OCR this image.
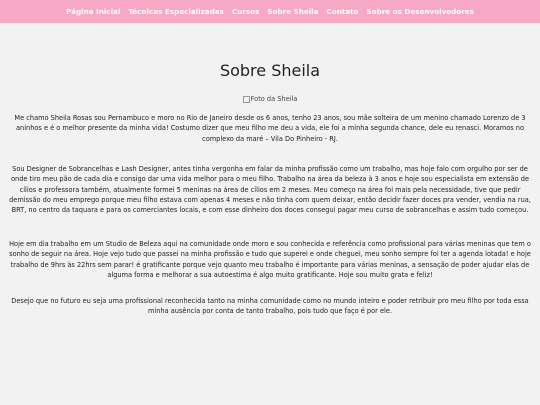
Página Inicial Técnicas Especializadas Cursos Sobre Sheila Contato Sobre os Desenvolvedores
Sobre Sheila
Foto da Sheila

Me chamo Sheila Rosas sou Pernambuco e moro no Rio de Janeiro desde os 6 anos, tenho 23 anos, sou mãe solteira de um menino chamado Lorenzo de 3 aninhos e é o melhor presente da minha vida! Costumo dizer que meu filho me deu a vida, ele foi a minha segunda chance, dele eu renasci. Moramos no complexo da maré – Vila Do Pinheiro - RJ.

Sou Designer de Sobrancelhas e Lash Designer, antes tinha vergonha em falar da minha profissão como um trabalho, mas hoje falo com orgulho por ser de onde tiro meu pão de cada dia e consigo dar uma vida melhor para o meu filho. Trabalho na área da beleza à 3 anos e hoje sou especialista em extensão de cílios e professora também, atualmente formei 5 meninas na área de cílios em 2 meses. Meu começo na área foi mais pela necessidade, tive que pedir demissão do meu emprego porque meu filho estava com apenas 4 meses e não tinha com quem deixar, então decidir fazer doces pra vender, vendia na rua, BRT, no centro da taquara e para os comerciantes locais, e com esse dinheiro dos doces consegui pagar meu curso de sobrancelhas e assim tudo começou.

Hoje em dia trabalho em um Studio de Beleza aqui na comunidade onde moro e sou conhecida e referência como profissional para várias meninas que tem o sonho de seguir na área. Hoje vejo tudo que passei na minha profissão e tudo que superei e onde cheguei, meu sonho sempre foi ter a agenda lotada! e hoje trabalho de 9hrs às 22hrs sem parar! é gratificante porque vejo quanto meu trabalho é importante para várias meninas, a sensação de poder ajudar elas de alguma forma e melhorar a sua autoestima é algo muito gratificante. Hoje sou muito grata e feliz!

Desejo que no futuro eu seja uma profissional reconhecida tanto na minha comunidade como no mundo inteiro e poder retribuir pro meu filho por toda essa minha ausência por conta de tanto trabalho, pois tudo que faço é por ele.
